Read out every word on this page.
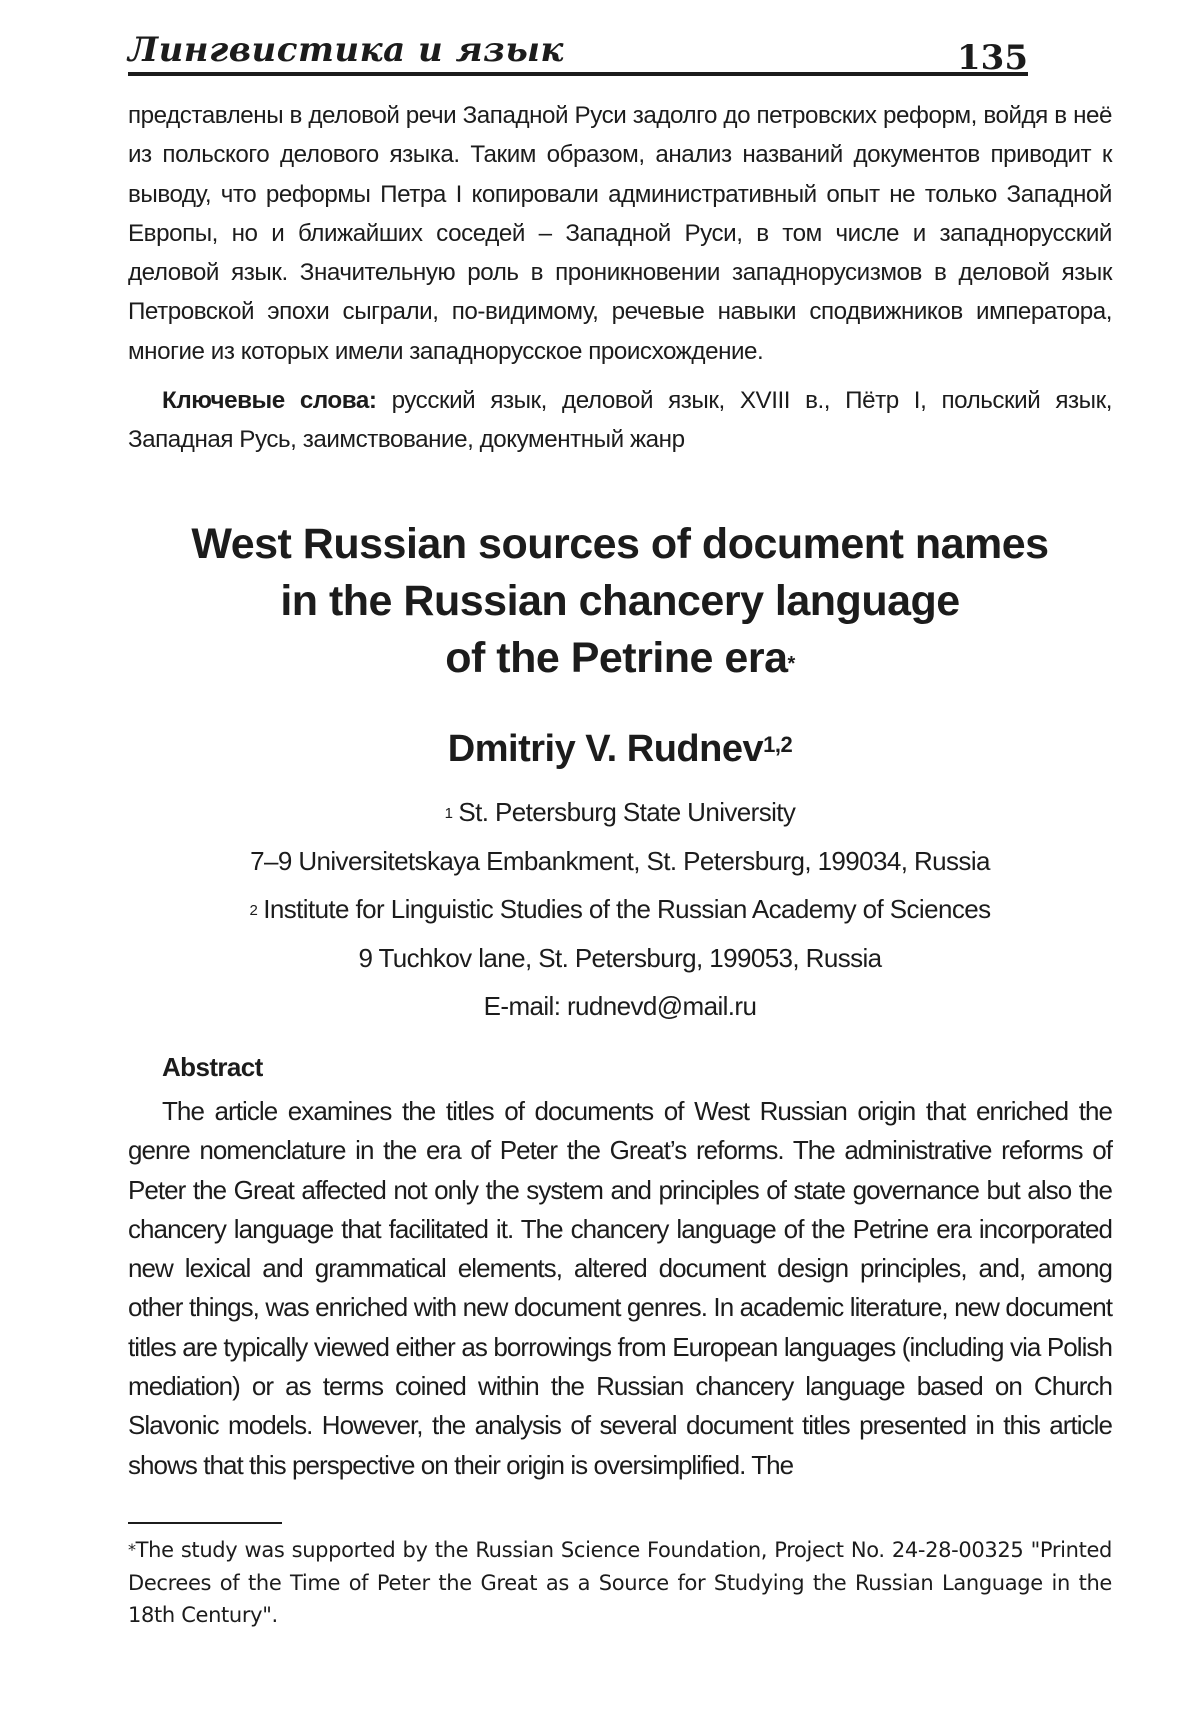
Лингвистика и язык	135

представлены в деловой речи Западной Руси задолго до петровских реформ, войдя в неё из польского делового языка. Таким образом, анализ названий документов приводит к выводу, что реформы Петра I копировали административный опыт не только Западной Европы, но и ближайших соседей – Западной Руси, в том числе и западнорусский деловой язык. Значительную роль в проникновении западнорусизмов в деловой язык Петровской эпохи сыграли, по-видимому, речевые навыки сподвижников императора, многие из которых имели западнорусское происхождение.

Ключевые слова: русский язык, деловой язык, XVIII в., Пётр I, польский язык, Западная Русь, заимствование, документный жанр

West Russian sources of document names
in the Russian chancery language
of the Petrine era*
Dmitriy V. Rudnev$^{1,2}$
$^1$ St. Petersburg State University
7–9 Universitetskaya Embankment, St. Petersburg, 199034, Russia
$^2$ Institute for Linguistic Studies of the Russian Academy of Sciences
9 Tuchkov lane, St. Petersburg, 199053, Russia
E-mail: rudnevd@mail.ru
Abstract

The article examines the titles of documents of West Russian origin that enriched the genre nomenclature in the era of Peter the Great’s reforms. The administrative reforms of Peter the Great affected not only the system and principles of state governance but also the chancery language that facilitated it. The chancery language of the Petrine era incorporated new lexical and grammatical elements, altered document design principles, and, among other things, was enriched with new document genres. In academic literature, new document titles are typically viewed either as borrowings from European languages (including via Polish mediation) or as terms coined within the Russian chancery language based on Church Slavonic models. However, the analysis of several document titles presented in this article shows that this perspective on their origin is oversimplified. The

*The study was supported by the Russian Science Foundation, Project No. 24-28-00325 "Printed Decrees of the Time of Peter the Great as a Source for Studying the Russian Language in the 18th Century".
